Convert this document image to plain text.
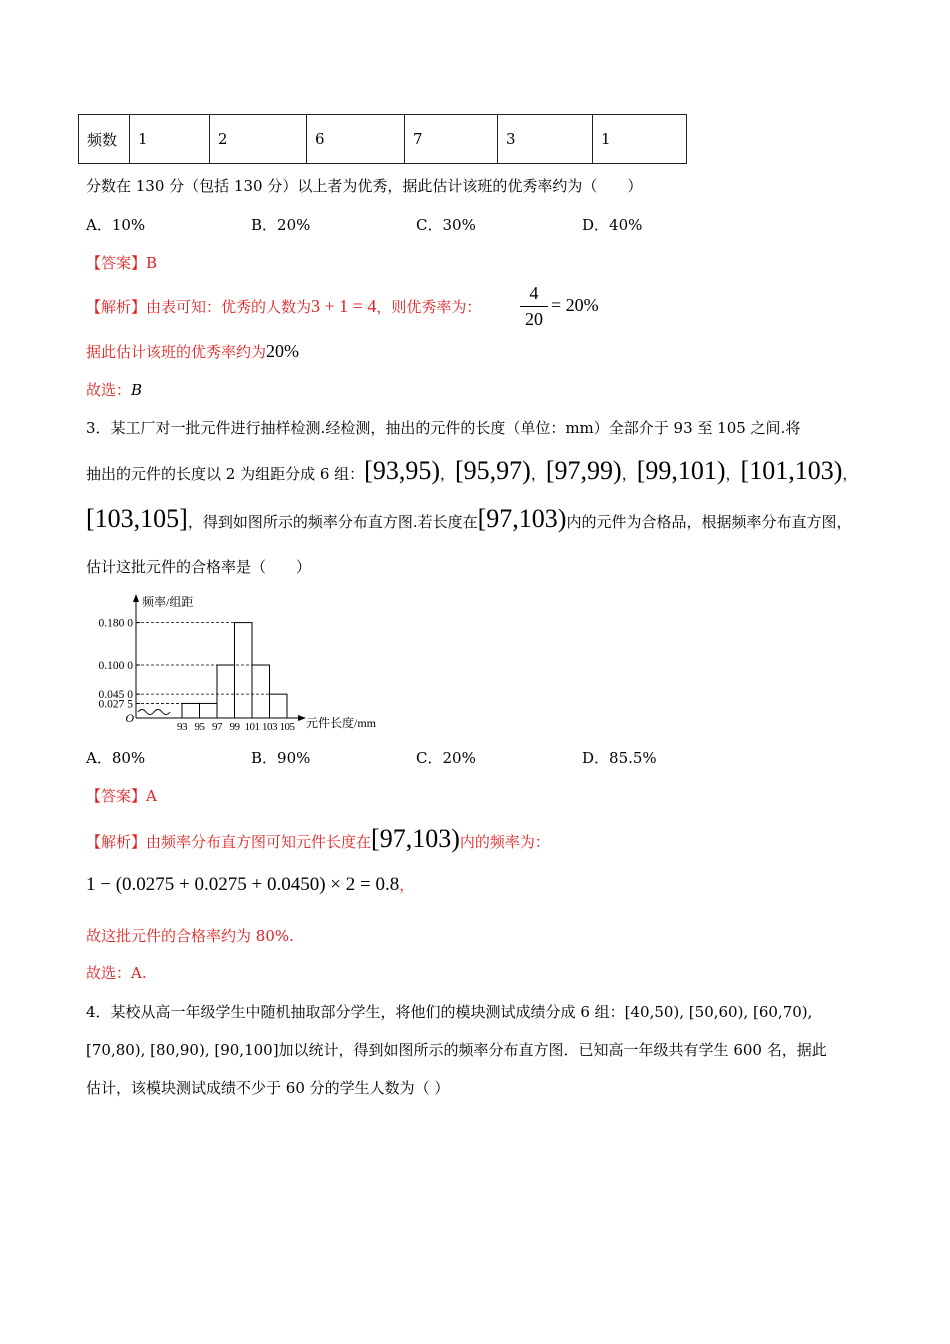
频数	1	2	6	7	3	1
分数在 130 分（包括 130 分）以上者为优秀，据此估计该班的优秀率约为（　　）
A．10%	B．20%	C．30%	D．40%
【答案】B
【解析】由表可知：优秀的人数为3 + 1 = 4，则优秀率为：
4
20
= 20%
据此估计该班的优秀率约为20%
故选：B
3．某工厂对一批元件进行抽样检测.经检测，抽出的元件的长度（单位：mm）全部介于 93 至 105 之间.将
抽出的元件的长度以 2 为组距分成 6 组：[93,95)，[95,97)，[97,99)，[99,101)，[101,103)，
[103,105]，得到如图所示的频率分布直方图.若长度在[97,103)内的元件为合格品，根据频率分布直方图，
估计这批元件的合格率是（　　）
O
频率/组距
元件长度/mm
0.180 0
0.100 0
0.045 0
0.027 5
93 95 97 99 101 103 105
A．80%	B．90%	C．20%	D．85.5%
【答案】A
【解析】由频率分布直方图可知元件长度在[97,103)内的频率为：
1 − (0.0275 + 0.0275 + 0.0450) × 2 = 0.8，
故这批元件的合格率约为 80%.
故选：A.
4．某校从高一年级学生中随机抽取部分学生，将他们的模块测试成绩分成 6 组：[40,50), [50,60), [60,70),
[70,80), [80,90), [90,100]加以统计，得到如图所示的频率分布直方图．已知高一年级共有学生 600 名，据此
估计，该模块测试成绩不少于 60 分的学生人数为（ ）
